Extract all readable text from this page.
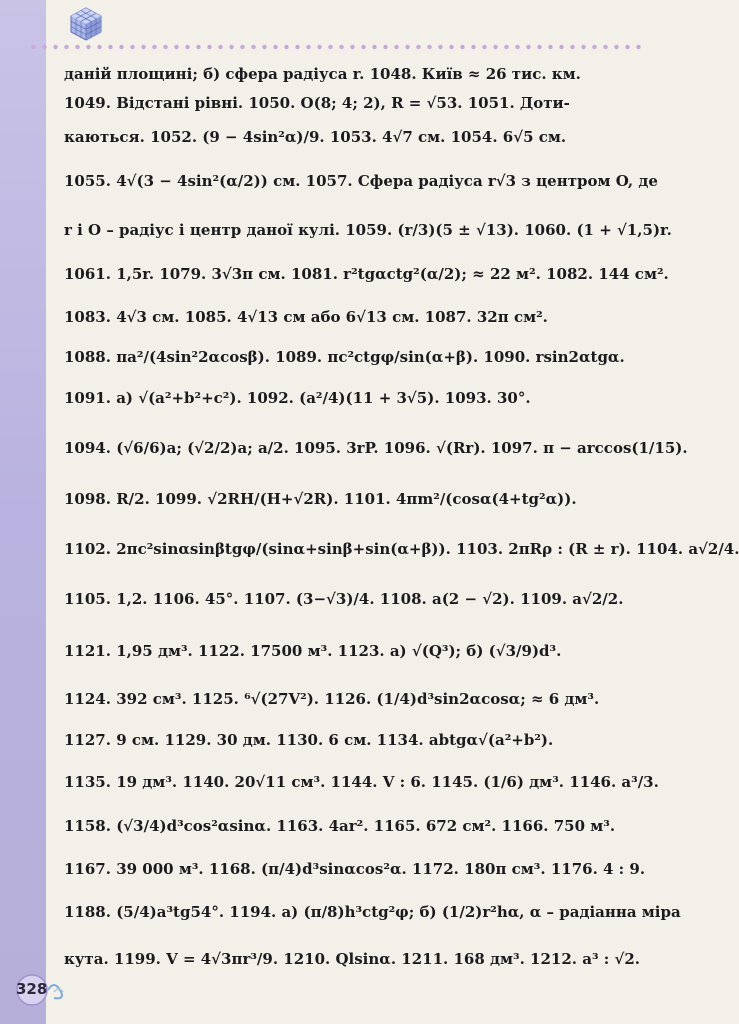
даній площині; б) сфера радіуса r. 1048. Київ ≈ 26 тис. км.
1049. Відстані рівні. 1050. O(8; 4; 2), R = √53. 1051. Доти-
каються. 1052. (9 − 4sin²α)/9. 1053. 4√7 см. 1054. 6√5 см.
1055. 4√(3 − 4sin²(α/2)) см. 1057. Сфера радіуса r√3 з центром O, де
r і O – радіус і центр даної кулі. 1059. (r/3)(5 ± √13). 1060. (1 + √1,5)r.
1061. 1,5r. 1079. 3√3π см. 1081. r²tgαctg²(α/2); ≈ 22 м². 1082. 144 см².
1083. 4√3 см. 1085. 4√13 см або 6√13 см. 1087. 32π см².
1088. πa²/(4sin²2αcosβ). 1089. πc²ctgφ/sin(α+β). 1090. rsin2αtgα.
1091. а) √(a²+b²+c²). 1092. (a²/4)(11 + 3√5). 1093. 30°.
1094. (√6/6)a; (√2/2)a; a/2. 1095. 3rP. 1096. √(Rr). 1097. π − arccos(1/15).
1098. R/2. 1099. √2RH/(H+√2R). 1101. 4πm²/(cosα(4+tg²α)).
1102. 2πc²sinαsinβtgφ/(sinα+sinβ+sin(α+β)). 1103. 2πRρ : (R ± r). 1104. a√2/4.
1105. 1,2. 1106. 45°. 1107. (3−√3)/4. 1108. a(2 − √2). 1109. a√2/2.
1121. 1,95 дм³. 1122. 17500 м³. 1123. а) √(Q³); б) (√3/9)d³.
1124. 392 см³. 1125. ⁶√(27V²). 1126. (1/4)d³sin2αcosα; ≈ 6 дм³.
1127. 9 см. 1129. 30 дм. 1130. 6 см. 1134. abtgα√(a²+b²).
1135. 19 дм³. 1140. 20√11 см³. 1144. V : 6. 1145. (1/6) дм³. 1146. a³/3.
1158. (√3/4)d³cos²αsinα. 1163. 4ar². 1165. 672 см². 1166. 750 м³.
1167. 39 000 м³. 1168. (π/4)d³sinαcos²α. 1172. 180π см³. 1176. 4 : 9.
1188. (5/4)a³tg54°. 1194. а) (π/8)h³ctg²φ; б) (1/2)r²hα, α – радіанна міра
кута. 1199. V = 4√3πr³/9. 1210. Qlsinα. 1211. 168 дм³. 1212. a³ : √2.
328
